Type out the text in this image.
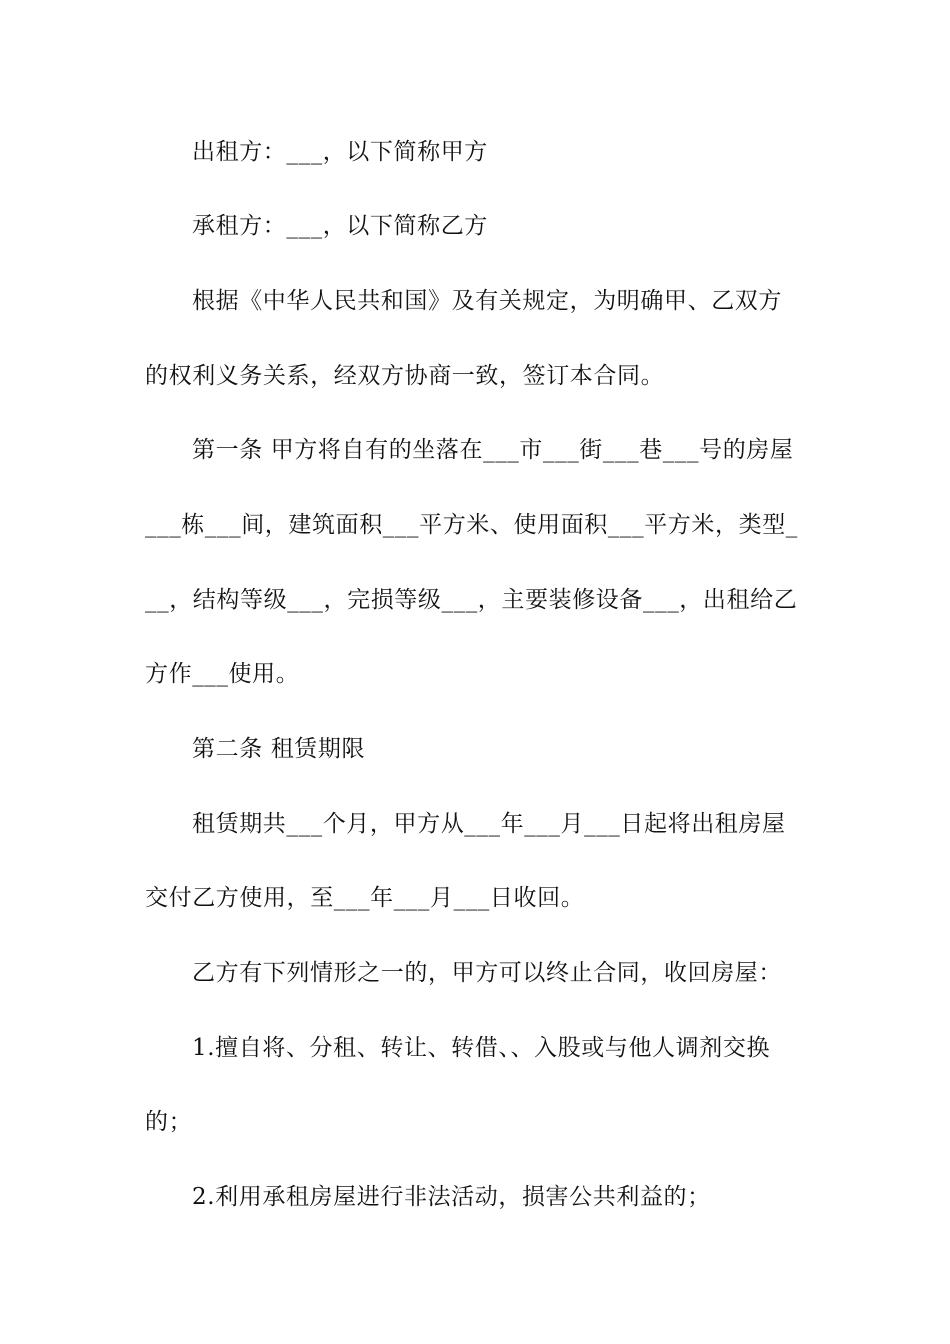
出租方：___，以下简称甲方
承租方：___，以下简称乙方
根据《中华人民共和国》及有关规定，为明确甲、乙双方
的权利义务关系，经双方协商一致，签订本合同。
第一条 甲方将自有的坐落在___市___街___巷___号的房屋
___栋___间，建筑面积___平方米、使用面积___平方米，类型_
__，结构等级___，完损等级___，主要装修设备___，出租给乙
方作___使用。
第二条 租赁期限
租赁期共___个月，甲方从___年___月___日起将出租房屋
交付乙方使用，至___年___月___日收回。
乙方有下列情形之一的，甲方可以终止合同，收回房屋：
1.擅自将、分租、转让、转借、、入股或与他人调剂交换
的；
2.利用承租房屋进行非法活动，损害公共利益的；
